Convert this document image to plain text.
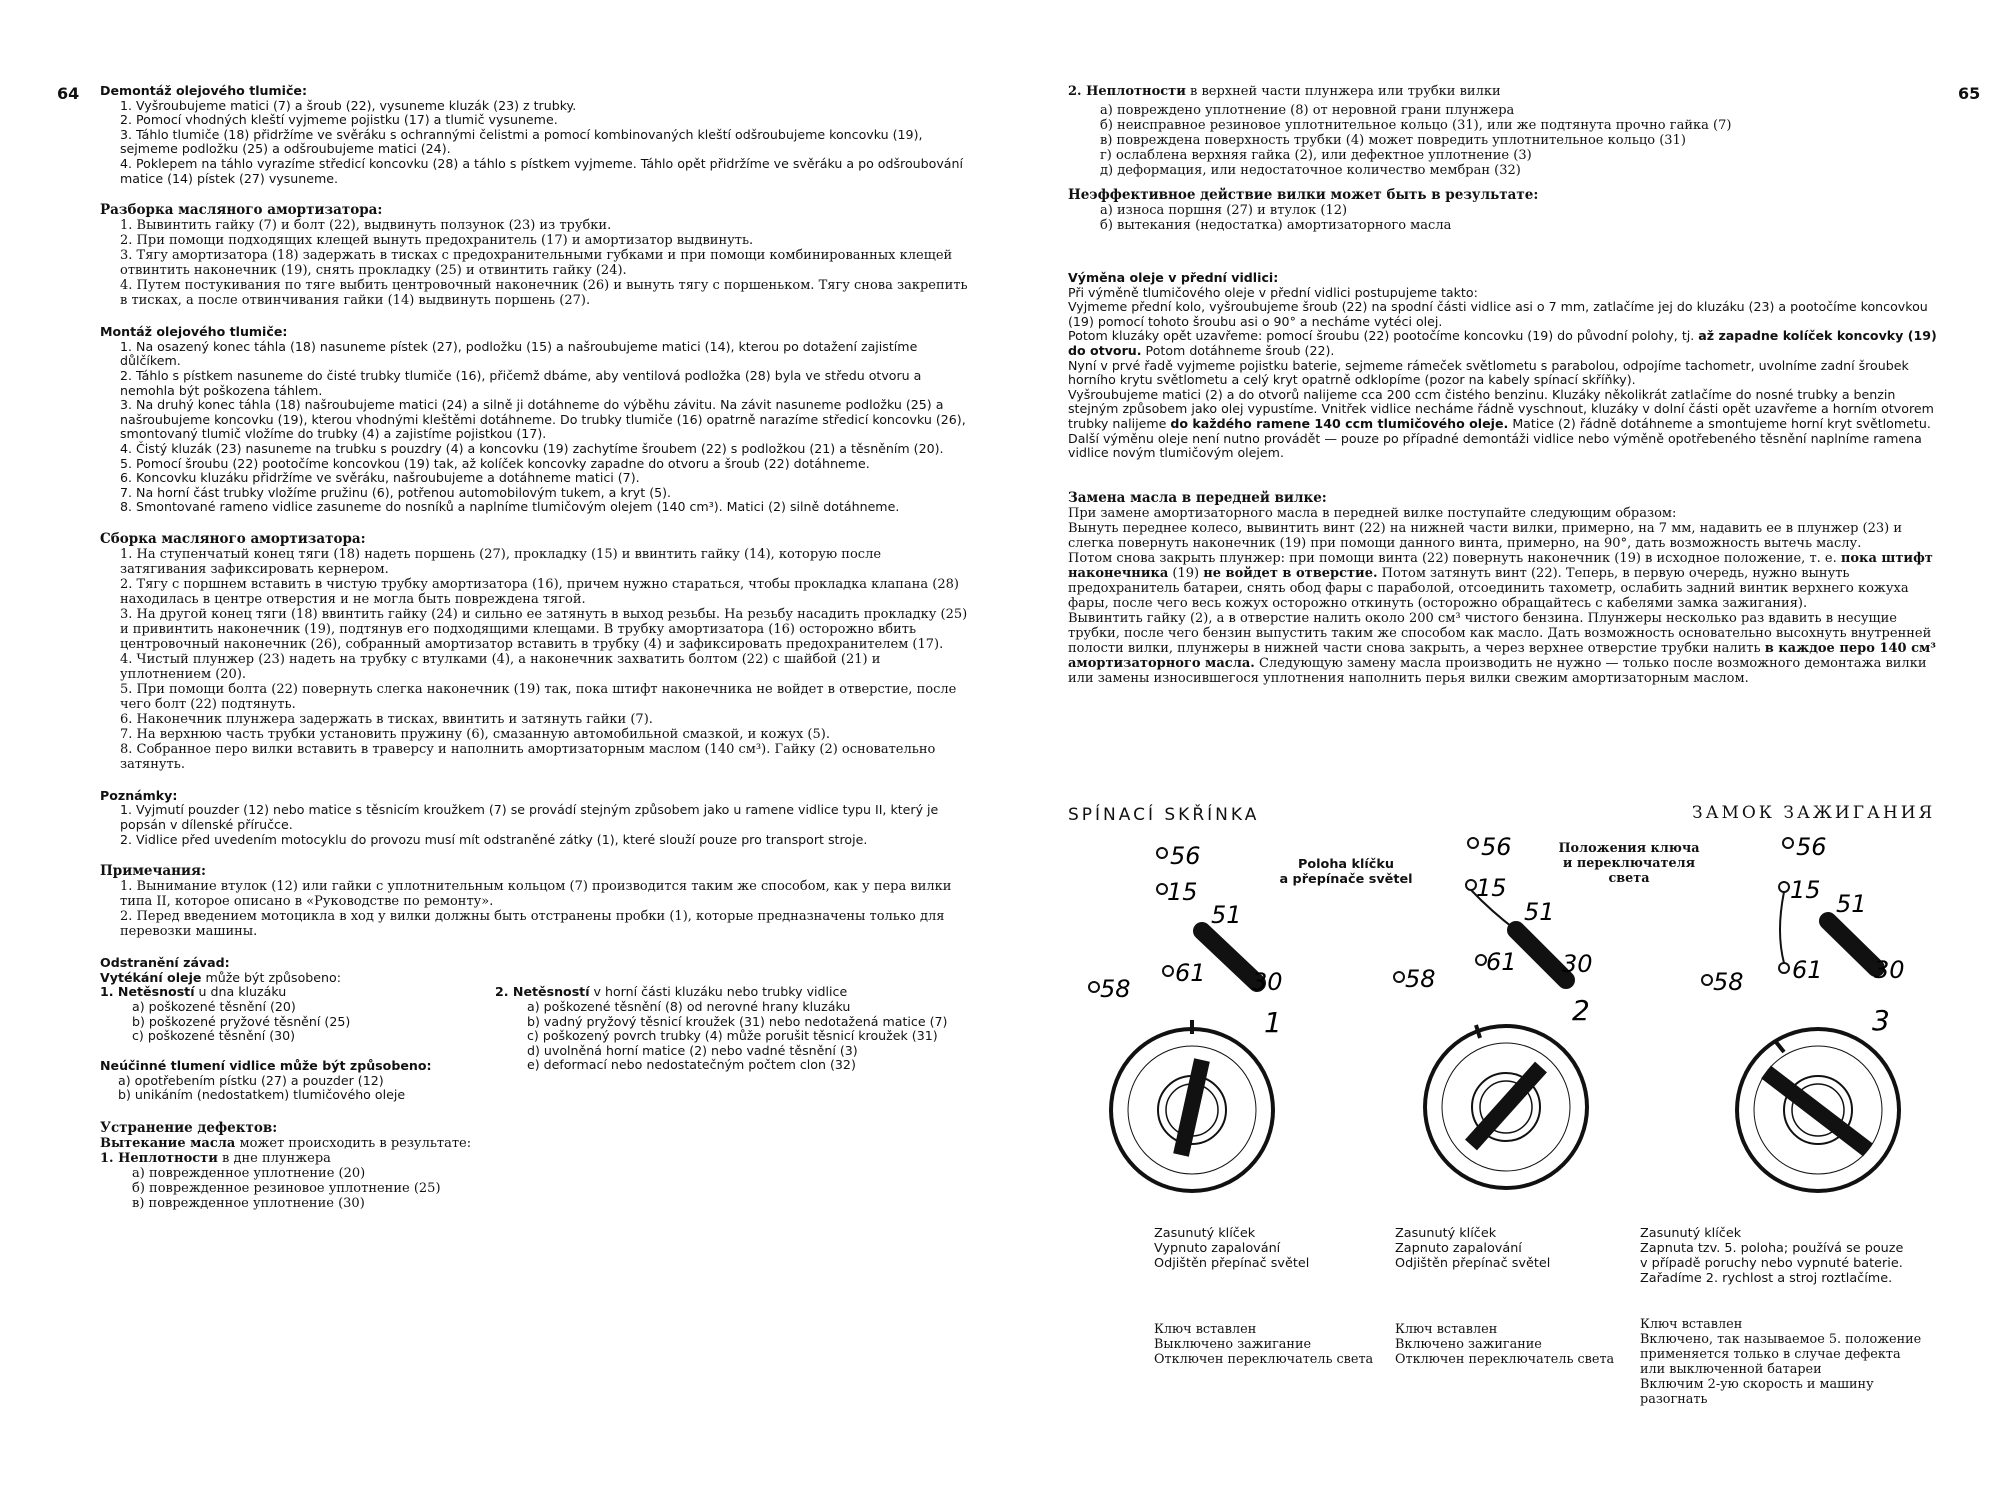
64 Demontáž olejového tlumiče:

1. Vyšroubujeme matici (7) a šroub (22), vysuneme kluzák (23) z trubky.
2. Pomocí vhodných kleští vyjmeme pojistku (17) a tlumič vysuneme.
3. Táhlo tlumiče (18) přidržíme ve svěráku s ochrannými čelistmi a pomocí kombinovaných kleští odšroubujeme koncovku (19), sejmeme podložku (25) a odšroubujeme matici (24).
4. Poklepem na táhlo vyrazíme středicí koncovku (28) a táhlo s pístkem vyjmeme. Táhlo opět přidržíme ve svěráku a po odšroubování matice (14) pístek (27) vysuneme.

Разборка масляного амортизатора:

1. Вывинтить гайку (7) и болт (22), выдвинуть ползунок (23) из трубки.
2. При помощи подходящих клещей вынуть предохранитель (17) и амортизатор выдвинуть.
3. Тягу амортизатора (18) задержать в тисках с предохранительными губками и при помощи комбинированных клещей отвинтить наконечник (19), снять прокладку (25) и отвинтить гайку (24).
4. Путем постукивания по тяге выбить центровочный наконечник (26) и вынуть тягу с поршеньком. Тягу снова закрепить в тисках, а после отвинчивания гайки (14) выдвинуть поршень (27).

Montáž olejového tlumiče:

1. Na osazený konec táhla (18) nasuneme pístek (27), podložku (15) a našroubujeme matici (14), kterou po dotažení zajistíme důlčíkem.
2. Táhlo s pístkem nasuneme do čisté trubky tlumiče (16), přičemž dbáme, aby ventilová podložka (28) byla ve středu otvoru a nemohla být poškozena táhlem.
3. Na druhý konec táhla (18) našroubujeme matici (24) a silně ji dotáhneme do výběhu závitu. Na závit nasuneme podložku (25) a našroubujeme koncovku (19), kterou vhodnými kleštěmi dotáhneme. Do trubky tlumiče (16) opatrně narazíme středicí koncovku (26), smontovaný tlumič vložíme do trubky (4) a zajistíme pojistkou (17).
4. Čistý kluzák (23) nasuneme na trubku s pouzdry (4) a koncovku (19) zachytíme šroubem (22) s podložkou (21) a těsněním (20).
5. Pomocí šroubu (22) pootočíme koncovkou (19) tak, až kolíček koncovky zapadne do otvoru a šroub (22) dotáhneme.
6. Koncovku kluzáku přidržíme ve svěráku, našroubujeme a dotáhneme matici (7).
7. Na horní část trubky vložíme pružinu (6), potřenou automobilovým tukem, a kryt (5).
8. Smontované rameno vidlice zasuneme do nosníků a naplníme tlumičovým olejem (140 cm³). Matici (2) silně dotáhneme.

Сборка масляного амортизатора:

1. На ступенчатый конец тяги (18) надеть поршень (27), прокладку (15) и ввинтить гайку (14), которую после затягивания зафиксировать кернером.
2. Тягу с поршнем вставить в чистую трубку амортизатора (16), причем нужно стараться, чтобы прокладка клапана (28) находилась в центре отверстия и не могла быть повреждена тягой.
3. На другой конец тяги (18) ввинтить гайку (24) и сильно ее затянуть в выход резьбы. На резьбу насадить прокладку (25) и привинтить наконечник (19), подтянув его подходящими клещами. В трубку амортизатора (16) осторожно вбить центровочный наконечник (26), собранный амортизатор вставить в трубку (4) и зафиксировать предохранителем (17).
4. Чистый плунжер (23) надеть на трубку с втулками (4), а наконечник захватить болтом (22) с шайбой (21) и уплотнением (20).
5. При помощи болта (22) повернуть слегка наконечник (19) так, пока штифт наконечника не войдет в отверстие, после чего болт (22) подтянуть.
6. Наконечник плунжера задержать в тисках, ввинтить и затянуть гайки (7).
7. На верхнюю часть трубки установить пружину (6), смазанную автомобильной смазкой, и кожух (5).
8. Собранное перо вилки вставить в траверсу и наполнить амортизаторным маслом (140 см³). Гайку (2) основательно затянуть.

Poznámky:

1. Vyjmutí pouzder (12) nebo matice s těsnicím kroužkem (7) se provádí stejným způsobem jako u ramene vidlice typu II, který je popsán v dílenské příručce.
2. Vidlice před uvedením motocyklu do provozu musí mít odstraněné zátky (1), které slouží pouze pro transport stroje.

Примечания:

1. Вынимание втулок (12) или гайки с уплотнительным кольцом (7) производится таким же способом, как у пера вилки типа II, которое описано в «Руководстве по ремонту».
2. Перед введением мотоцикла в ход у вилки должны быть отстранены пробки (1), которые предназначены только для перевозки машины.

Odstranění závad:

Vytékání oleje může být způsobeno:

1. Netěsností u dna kluzáku

a) poškozené těsnění (20)
b) poškozené pryžové těsnění (25)
c) poškozené těsnění (30)

2. Netěsností v horní části kluzáku nebo trubky vidlice

a) poškozené těsnění (8) od nerovné hrany kluzáku
b) vadný pryžový těsnicí kroužek (31) nebo nedotažená matice (7)
c) poškozený povrch trubky (4) může porušit těsnicí kroužek (31)
d) uvolněná horní matice (2) nebo vadné těsnění (3)
e) deformací nebo nedostatečným počtem clon (32)

Neúčinné tlumení vidlice může být způsobeno:

a) opotřebením pístku (27) a pouzder (12)
b) unikáním (nedostatkem) tlumičového oleje

Устранение дефектов:

Вытекание масла может происходить в результате:

1. Неплотности в дне плунжера

а) поврежденное уплотнение (20)
б) поврежденное резиновое уплотнение (25)
в) поврежденное уплотнение (30)
65

2. Неплотности в верхней части плунжера или трубки вилки

а) повреждено уплотнение (8) от неровной грани плунжера
б) неисправное резиновое уплотнительное кольцо (31), или же подтянута прочно гайка (7)
в) повреждена поверхность трубки (4) может повредить уплотнительное кольцо (31)
г) ослаблена верхняя гайка (2), или дефектное уплотнение (3)
д) деформация, или недостаточное количество мембран (32)

Неэффективное действие вилки может быть в результате:

а) износа поршня (27) и втулок (12)
б) вытекания (недостатка) амортизаторного масла

Výměna oleje v přední vidlici:

Při výměně tlumičového oleje v přední vidlici postupujeme takto:

Vyjmeme přední kolo, vyšroubujeme šroub (22) na spodní části vidlice asi o 7 mm, zatlačíme jej do kluzáku (23) a pootočíme koncovkou (19) pomocí tohoto šroubu asi o 90° a necháme vytéci olej.

Potom kluzáky opět uzavřeme: pomocí šroubu (22) pootočíme koncovku (19) do původní polohy, tj. až zapadne kolíček koncovky (19) do otvoru. Potom dotáhneme šroub (22).

Nyní v prvé řadě vyjmeme pojistku baterie, sejmeme rámeček světlometu s parabolou, odpojíme tachometr, uvolníme zadní šroubek horního krytu světlometu a celý kryt opatrně odklopíme (pozor na kabely spínací skříňky).

Vyšroubujeme matici (2) a do otvorů nalijeme cca 200 ccm čistého benzinu. Kluzáky několikrát zatlačíme do nosné trubky a benzin stejným způsobem jako olej vypustíme. Vnitřek vidlice necháme řádně vyschnout, kluzáky v dolní části opět uzavřeme a horním otvorem trubky nalijeme do každého ramene 140 ccm tlumičového oleje. Matice (2) řádně dotáhneme a smontujeme horní kryt světlometu.

Další výměnu oleje není nutno provádět — pouze po případné demontáži vidlice nebo výměně opotřebeného těsnění naplníme ramena vidlice novým tlumičovým olejem.

Замена масла в передней вилке:

При замене амортизаторного масла в передней вилке поступайте следующим образом:

Вынуть переднее колесо, вывинтить винт (22) на нижней части вилки, примерно, на 7 мм, надавить ее в плунжер (23) и слегка повернуть наконечник (19) при помощи данного винта, примерно, на 90°, дать возможность вытечь маслу.

Потом снова закрыть плунжер: при помощи винта (22) повернуть наконечник (19) в исходное положение, т. е. пока штифт наконечника (19) не войдет в отверстие. Потом затянуть винт (22). Теперь, в первую очередь, нужно вынуть предохранитель батареи, снять обод фары с параболой, отсоединить тахометр, ослабить задний винтик верхнего кожуха фары, после чего весь кожух осторожно откинуть (осторожно обращайтесь с кабелями замка зажигания).

Вывинтить гайку (2), а в отверстие налить около 200 см³ чистого бензина. Плунжеры несколько раз вдавить в несущие трубки, после чего бензин выпустить таким же способом как масло. Дать возможность основательно высохнуть внутренней полости вилки, плунжеры в нижней части снова закрыть, а через верхнее отверстие трубки налить в каждое перо 140 см³ амортизаторного масла. Следующую замену масла производить не нужно — только после возможного демонтажа вилки или замены износившегося уплотнения наполнить перья вилки свежим амортизаторным маслом.

SPÍNACÍ SKŘÍNKA	ЗАМОК ЗАЖИГАНИЯ
Poloha klíčku
a přepínače světel
Положения ключа
и переключателя
света
56
15
51
61 30
58
1
56
15
51
61 30
58
2
56
15 51
61 30
58
3
Zasunutý klíček
Vypnuto zapalování
Odjištěn přepínač světel
Zasunutý klíček
Zapnuto zapalování
Odjištěn přepínač světel
Zasunutý klíček
Zapnuta tzv. 5. poloha; používá se pouze
v případě poruchy nebo vypnuté baterie.
Zařadíme 2. rychlost a stroj roztlačíme.
Ключ вставлен
Выключено зажигание
Отключен переключатель света
Ключ вставлен
Включено зажигание
Отключен переключатель света
Ключ вставлен
Включено, так называемое 5. положение
применяется только в случае дефекта
или выключенной батареи
Включим 2-ую скорость и машину
разогнать
